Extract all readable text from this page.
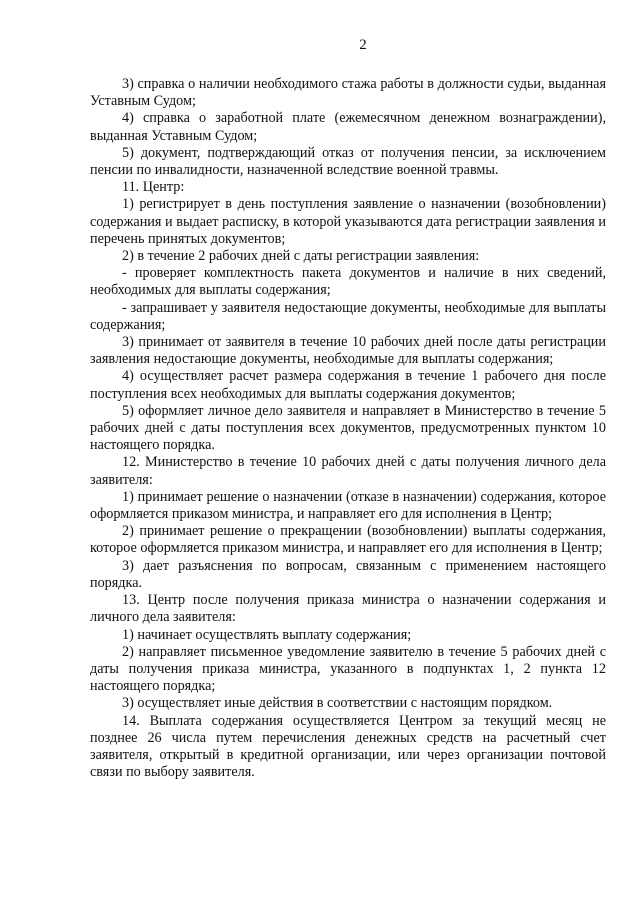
2

3) справка о наличии необходимого стажа работы в должности судьи, выданная Уставным Судом;

4) справка о заработной плате (ежемесячном денежном вознаграждении), выданная Уставным Судом;

5) документ, подтверждающий отказ от получения пенсии, за исключением пенсии по инвалидности, назначенной вследствие военной травмы.

11. Центр:

1) регистрирует в день поступления заявление о назначении (возобновлении) содержания и выдает расписку, в которой указываются дата регистрации заявления и перечень принятых документов;

2) в течение 2 рабочих дней с даты регистрации заявления:

- проверяет комплектность пакета документов и наличие в них сведений, необходимых для выплаты содержания;

- запрашивает у заявителя недостающие документы, необходимые для выплаты содержания;

3) принимает от заявителя в течение 10 рабочих дней после даты регистрации заявления недостающие документы, необходимые для выплаты содержания;

4) осуществляет расчет размера содержания в течение 1 рабочего дня после поступления всех необходимых для выплаты содержания документов;

5) оформляет личное дело заявителя и направляет в Министерство в течение 5 рабочих дней с даты поступления всех документов, предусмотренных пунктом 10 настоящего порядка.

12. Министерство в течение 10 рабочих дней с даты получения личного дела заявителя:

1) принимает решение о назначении (отказе в назначении) содержания, которое оформляется приказом министра, и направляет его для исполнения в Центр;

2) принимает решение о прекращении (возобновлении) выплаты содержания, которое оформляется приказом министра, и направляет его для исполнения в Центр;

3) дает разъяснения по вопросам, связанным с применением настоящего порядка.

13. Центр после получения приказа министра о назначении содержания и личного дела заявителя:

1) начинает осуществлять выплату содержания;

2) направляет письменное уведомление заявителю в течение 5 рабочих дней с даты получения приказа министра, указанного в подпунктах 1, 2 пункта 12 настоящего порядка;

3) осуществляет иные действия в соответствии с настоящим порядком.

14. Выплата содержания осуществляется Центром за текущий месяц не позднее 26 числа путем перечисления денежных средств на расчетный счет заявителя, открытый в кредитной организации, или через организации почтовой связи по выбору заявителя.
